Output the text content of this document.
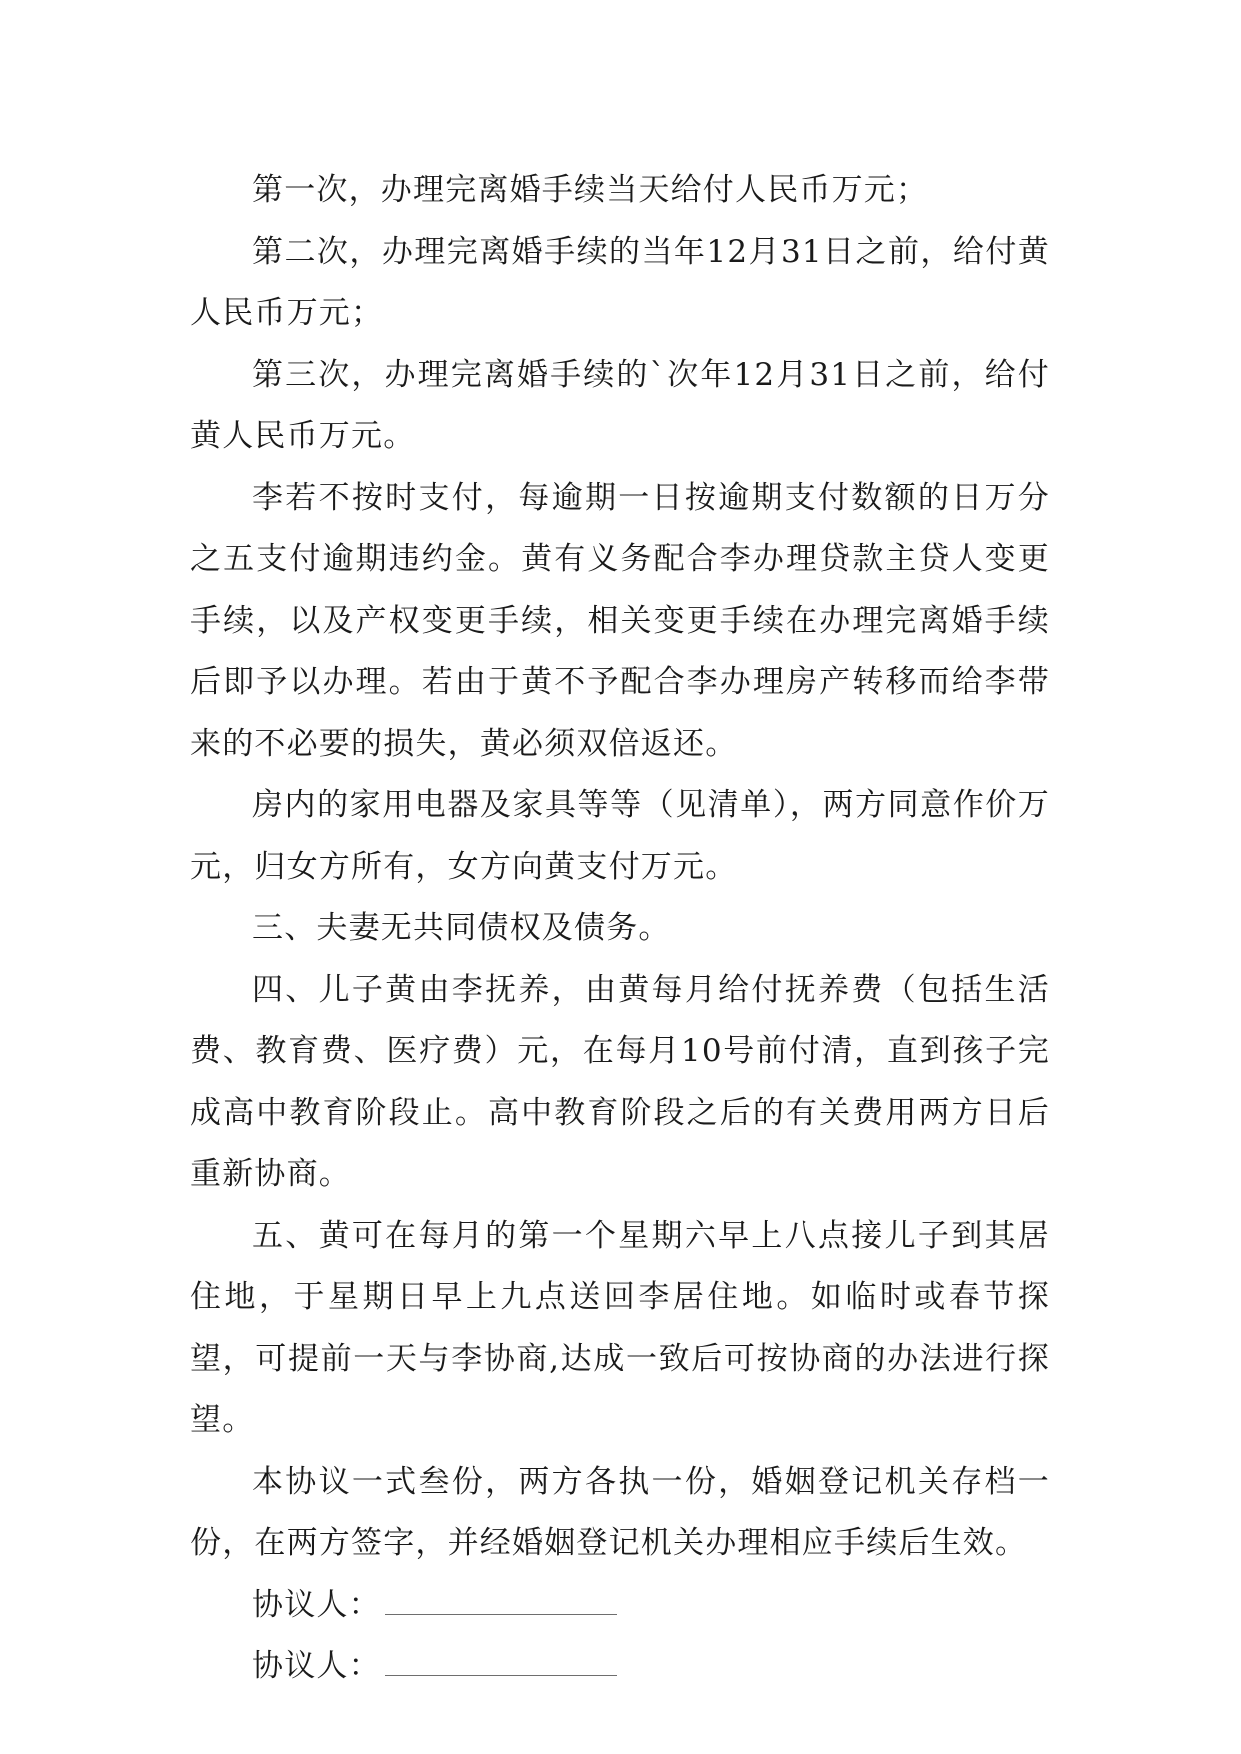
第一次，办理完离婚手续当天给付人民币万元；

第二次，办理完离婚手续的当年12月31日之前，给付黄人民币万元；

第三次，办理完离婚手续的`次年12月31日之前，给付黄人民币万元。

李若不按时支付，每逾期一日按逾期支付数额的日万分之五支付逾期违约金。黄有义务配合李办理贷款主贷人变更手续，以及产权变更手续，相关变更手续在办理完离婚手续后即予以办理。若由于黄不予配合李办理房产转移而给李带来的不必要的损失，黄必须双倍返还。

房内的家用电器及家具等等（见清单），两方同意作价万元，归女方所有，女方向黄支付万元。

三、夫妻无共同债权及债务。

四、儿子黄由李抚养，由黄每月给付抚养费（包括生活费、教育费、医疗费）元，在每月10号前付清，直到孩子完成高中教育阶段止。高中教育阶段之后的有关费用两方日后重新协商。

五、黄可在每月的第一个星期六早上八点接儿子到其居住地，于星期日早上九点送回李居住地。如临时或春节探望，可提前一天与李协商,达成一致后可按协商的办法进行探望。

本协议一式叁份，两方各执一份，婚姻登记机关存档一份，在两方签字，并经婚姻登记机关办理相应手续后生效。

协议人：
协议人：
